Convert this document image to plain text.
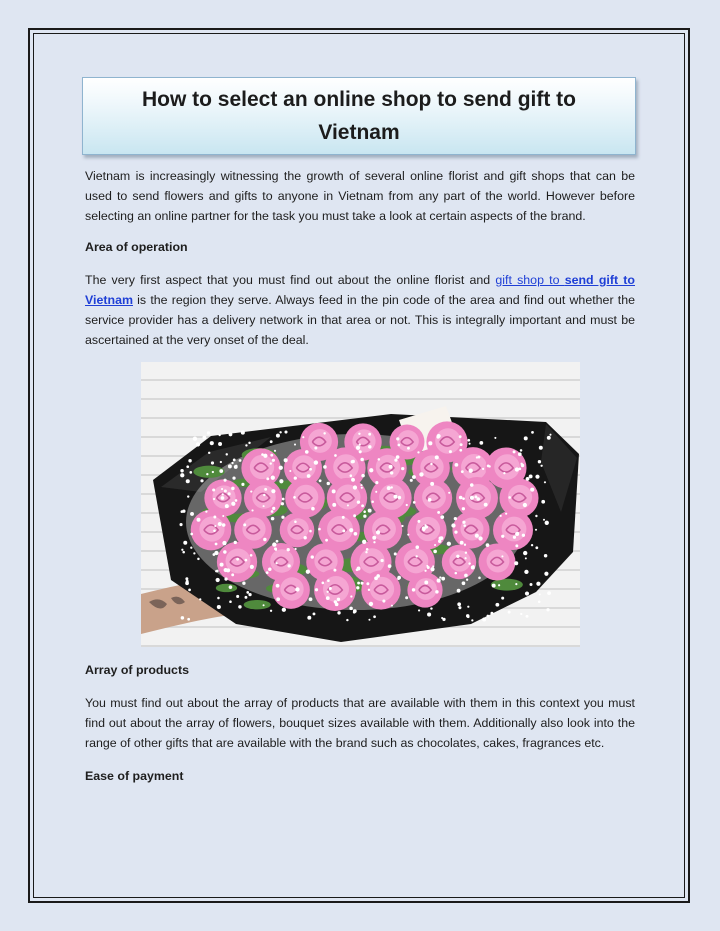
How to select an online shop to send gift to Vietnam

Vietnam is increasingly witnessing the growth of several online florist and gift shops that can be used to send flowers and gifts to anyone in Vietnam from any part of the world. However before selecting an online partner for the task you must take a look at certain aspects of the brand.

Area of operation

The very first aspect that you must find out about the online florist and gift shop to send gift to Vietnam is the region they serve. Always feed in the pin code of the area and find out whether the service provider has a delivery network in that area or not. This is integrally important and must be ascertained at the very onset of the deal.

Array of products

You must find out about the array of products that are available with them in this context you must find out about the array of flowers, bouquet sizes available with them. Additionally also look into the range of other gifts that are available with the brand such as chocolates, cakes, fragrances etc.

Ease of payment
